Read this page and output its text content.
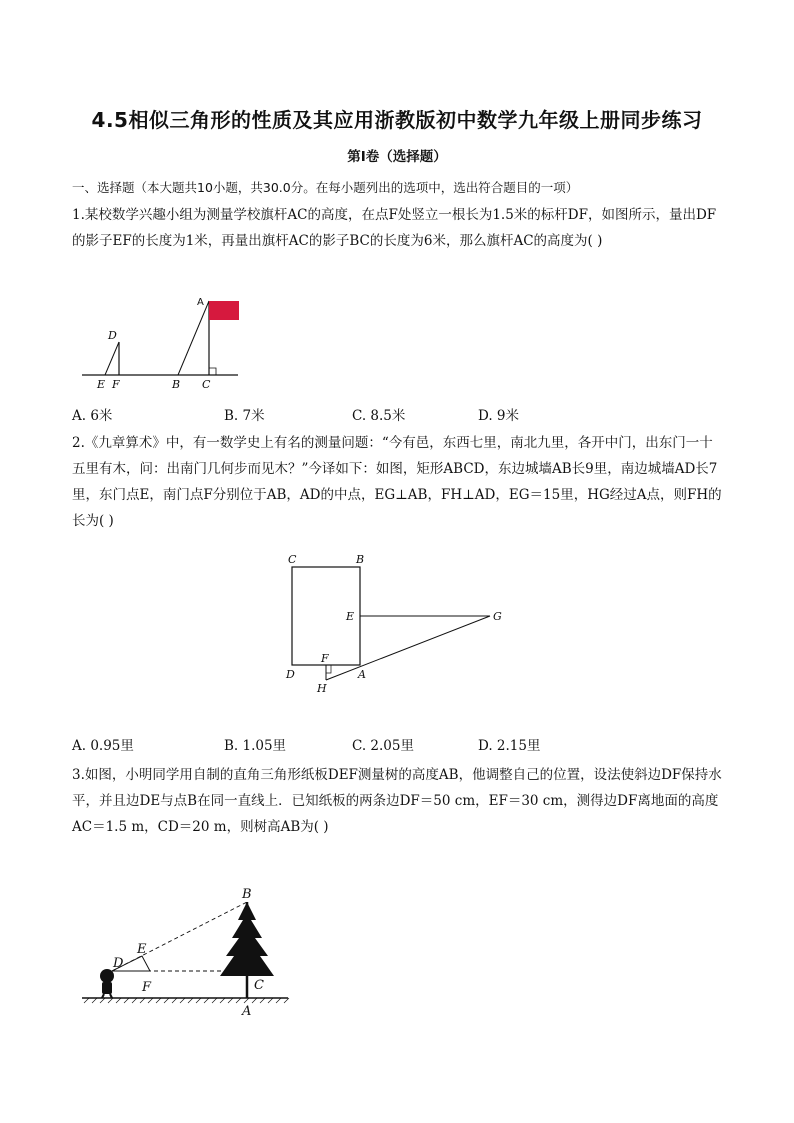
4.5相似三角形的性质及其应用浙教版初中数学九年级上册同步练习
第I卷（选择题）
一、选择题（本大题共10小题，共30.0分。在每小题列出的选项中，选出符合题目的一项）
1.某校数学兴趣小组为测量学校旗杆AC的高度，在点F处竖立一根长为1.5米的标杆DF，如图所示，量出DF的影子EF的长度为1米，再量出旗杆AC的影子BC的长度为6米，那么旗杆AC的高度为( )
A
D
E F	B C
A. 6米	B. 7米	C. 8.5米	D. 9米
2.《九章算术》中，有一数学史上有名的测量问题：“今有邑，东西七里，南北九里，各开中门，出东门一十五里有木，问：出南门几何步而见木？”今译如下：如图，矩形ABCD，东边城墙AB长9里，南边城墙AD长7里，东门点E，南门点F分别位于AB，AD的中点，EG⊥AB，FH⊥AD，EG＝15里，HG经过A点，则FH的长为( )
C	B
E	G
F
D	A
H
A. 0.95里	B. 1.05里	C. 2.05里	D. 2.15里
3.如图，小明同学用自制的直角三角形纸板DEF测量树的高度AB，他调整自己的位置，设法使斜边DF保持水平，并且边DE与点B在同一直线上．已知纸板的两条边DF＝50 cm，EF＝30 cm，测得边DF离地面的高度AC＝1.5 m，CD＝20 m，则树高AB为( )
B
E
D
F	C
A
